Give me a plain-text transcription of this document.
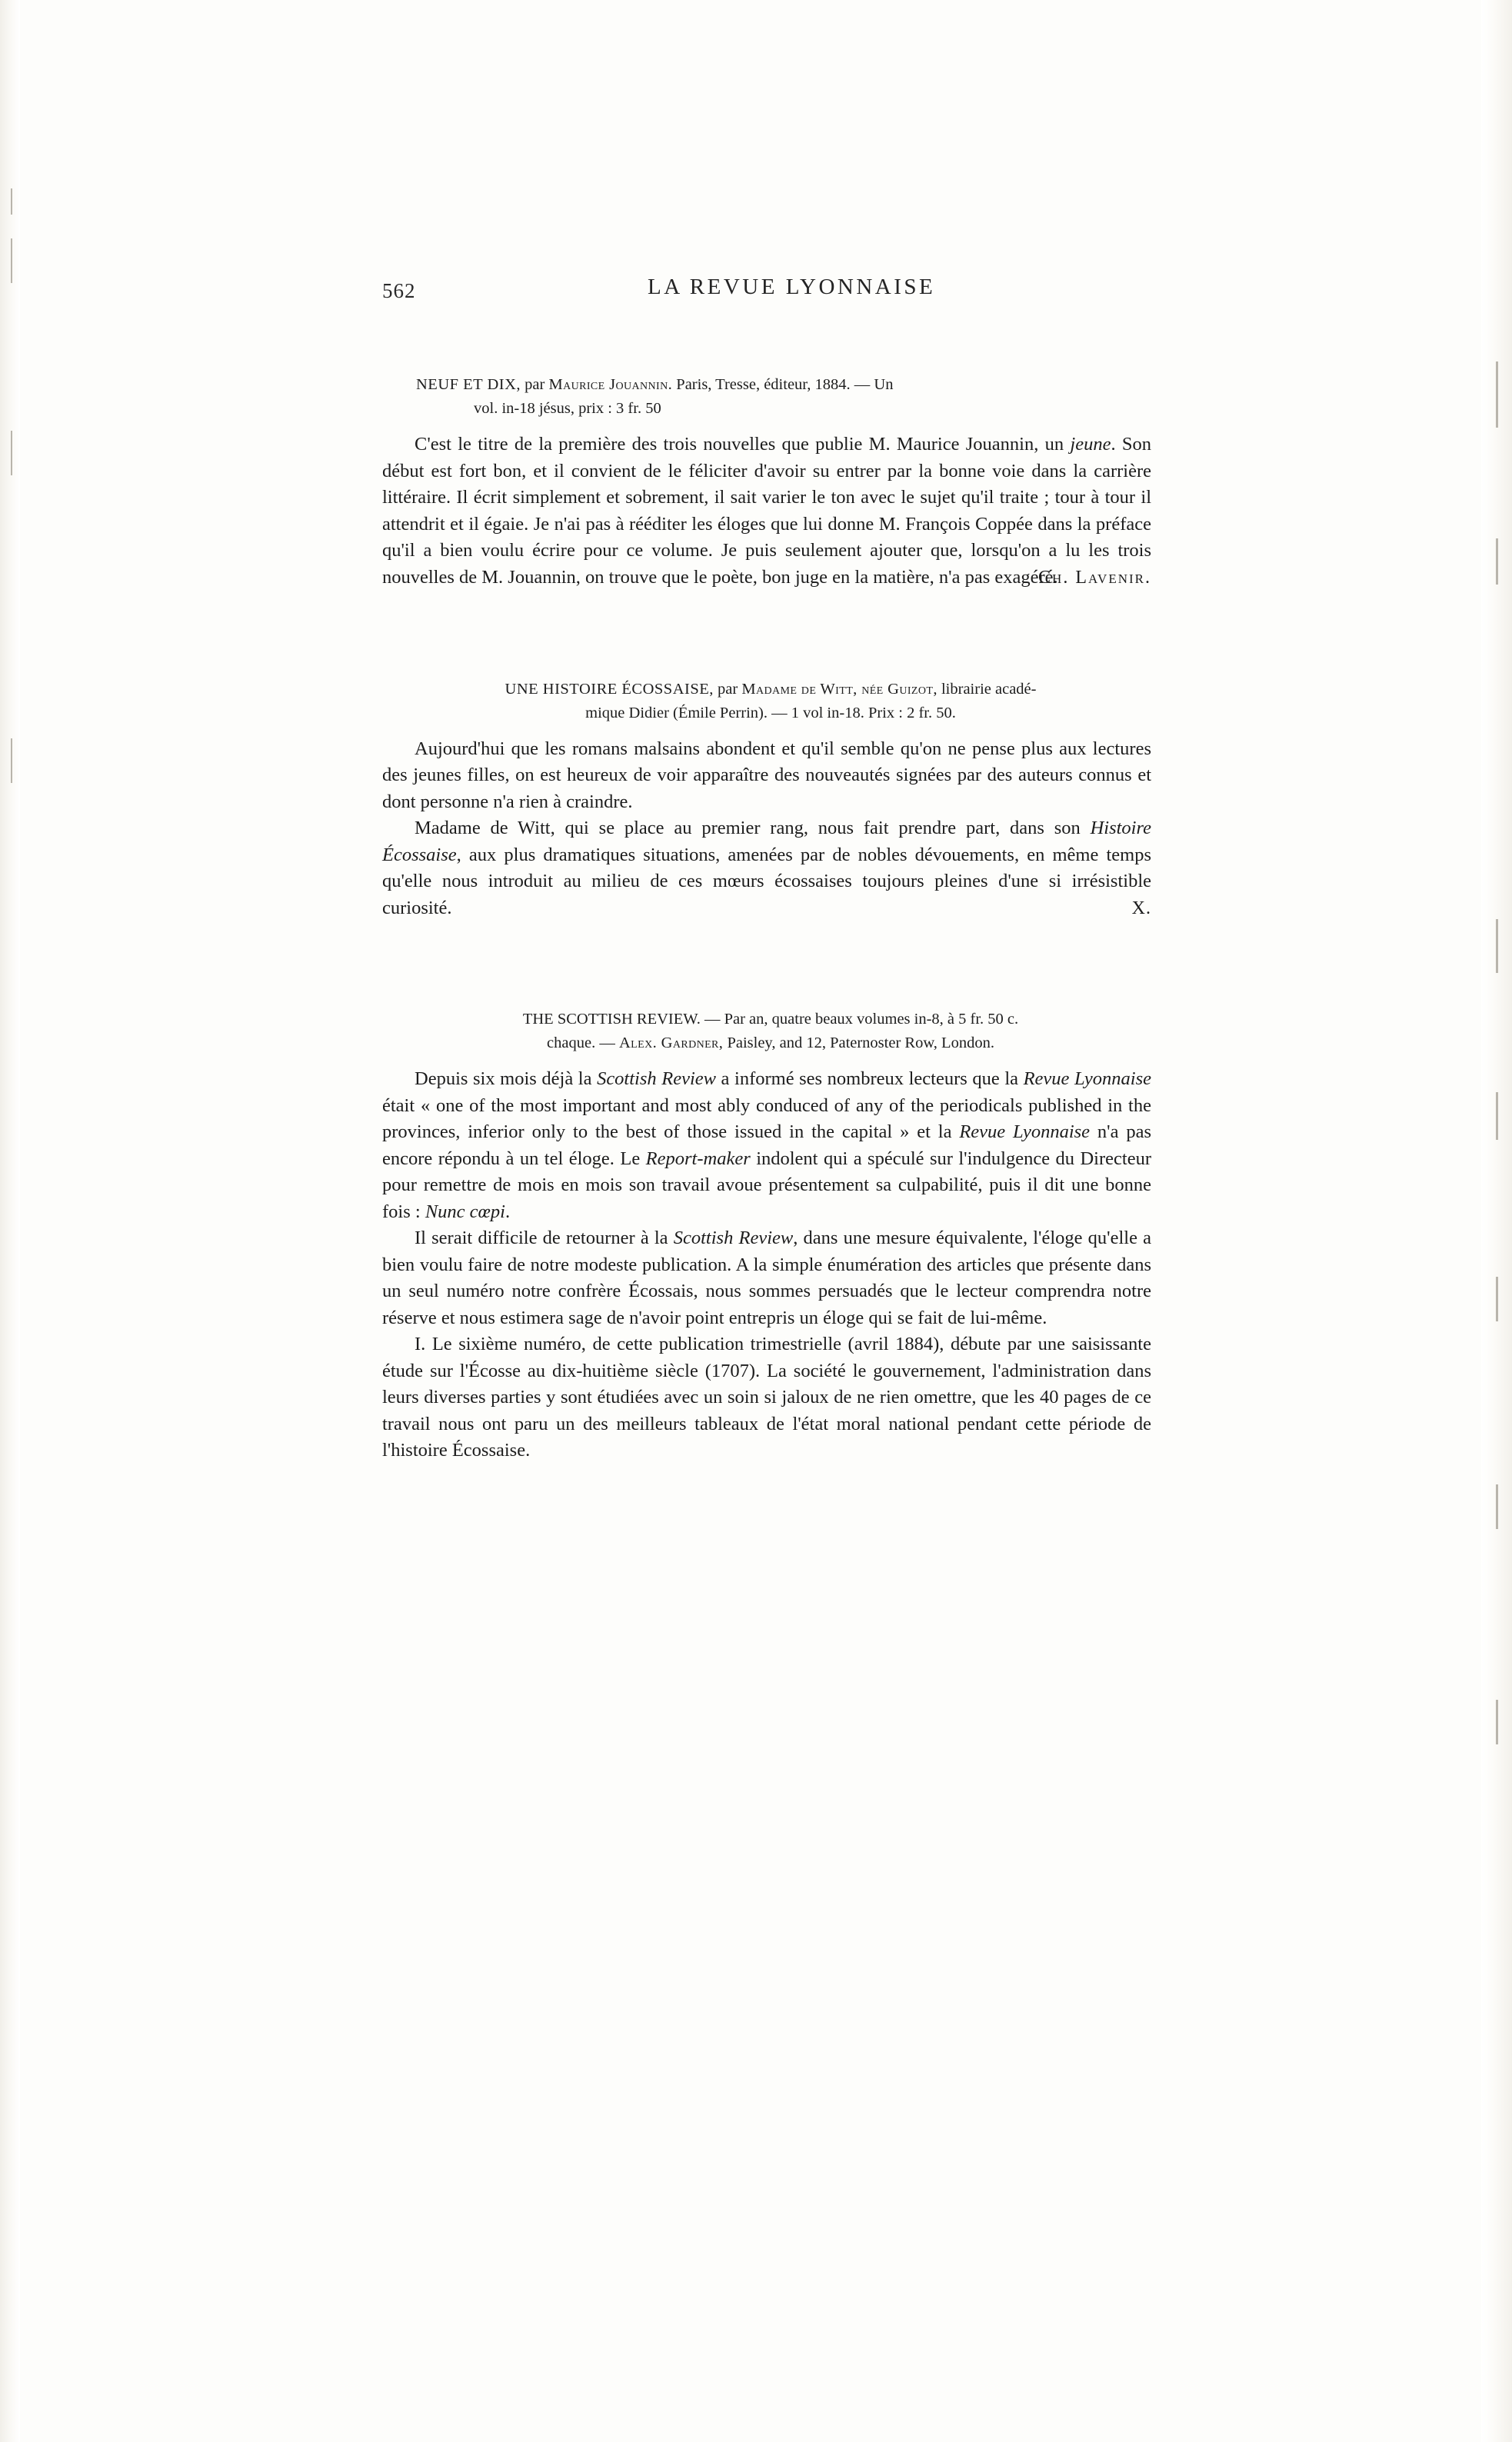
562	LA REVUE LYONNAISE
NEUF ET DIX, par Maurice Jouannin. Paris, Tresse, éditeur, 1884. — Un
vol. in-18 jésus, prix : 3 fr. 50

C'est le titre de la première des trois nouvelles que publie M. Maurice Jouannin, un jeune. Son début est fort bon, et il convient de le féliciter d'avoir su entrer par la bonne voie dans la carrière littéraire. Il écrit simplement et sobrement, il sait varier le ton avec le sujet qu'il traite ; tour à tour il attendrit et il égaie. Je n'ai pas à rééditer les éloges que lui donne M. François Coppée dans la préface qu'il a bien voulu écrire pour ce volume. Je puis seulement ajouter que, lorsqu'on a lu les trois nouvelles de M. Jouannin, on trouve que le poète, bon juge en la matière, n'a pas exagéré.

Ch. Lavenir.

UNE HISTOIRE ÉCOSSAISE, par Madame de Witt, née Guizot, librairie acadé-
mique Didier (Émile Perrin). — 1 vol in-18. Prix : 2 fr. 50.

Aujourd'hui que les romans malsains abondent et qu'il semble qu'on ne pense plus aux lectures des jeunes filles, on est heureux de voir apparaître des nouveautés signées par des auteurs connus et dont personne n'a rien à craindre.

Madame de Witt, qui se place au premier rang, nous fait prendre part, dans son Histoire Écossaise, aux plus dramatiques situations, amenées par de nobles dévouements, en même temps qu'elle nous introduit au milieu de ces mœurs écossaises toujours pleines d'une si irrésistible curiosité.	X.

THE SCOTTISH REVIEW. — Par an, quatre beaux volumes in-8, à 5 fr. 50 c.
chaque. — Alex. Gardner, Paisley, and 12, Paternoster Row, London.

Depuis six mois déjà la Scottish Review a informé ses nombreux lecteurs que la Revue Lyonnaise était « one of the most important and most ably conduced of any of the periodicals published in the provinces, inferior only to the best of those issued in the capital » et la Revue Lyonnaise n'a pas encore répondu à un tel éloge. Le Report-maker indolent qui a spéculé sur l'indulgence du Directeur pour remettre de mois en mois son travail avoue présentement sa culpabilité, puis il dit une bonne fois : Nunc cœpi.

Il serait difficile de retourner à la Scottish Review, dans une mesure équivalente, l'éloge qu'elle a bien voulu faire de notre modeste publication. A la simple énumération des articles que présente dans un seul numéro notre confrère Écossais, nous sommes persuadés que le lecteur comprendra notre réserve et nous estimera sage de n'avoir point entrepris un éloge qui se fait de lui-même.

I. Le sixième numéro, de cette publication trimestrielle (avril 1884), débute par une saisissante étude sur l'Écosse au dix-huitième siècle (1707). La société le gouvernement, l'administration dans leurs diverses parties y sont étudiées avec un soin si jaloux de ne rien omettre, que les 40 pages de ce travail nous ont paru un des meilleurs tableaux de l'état moral national pendant cette période de l'histoire Écossaise.
